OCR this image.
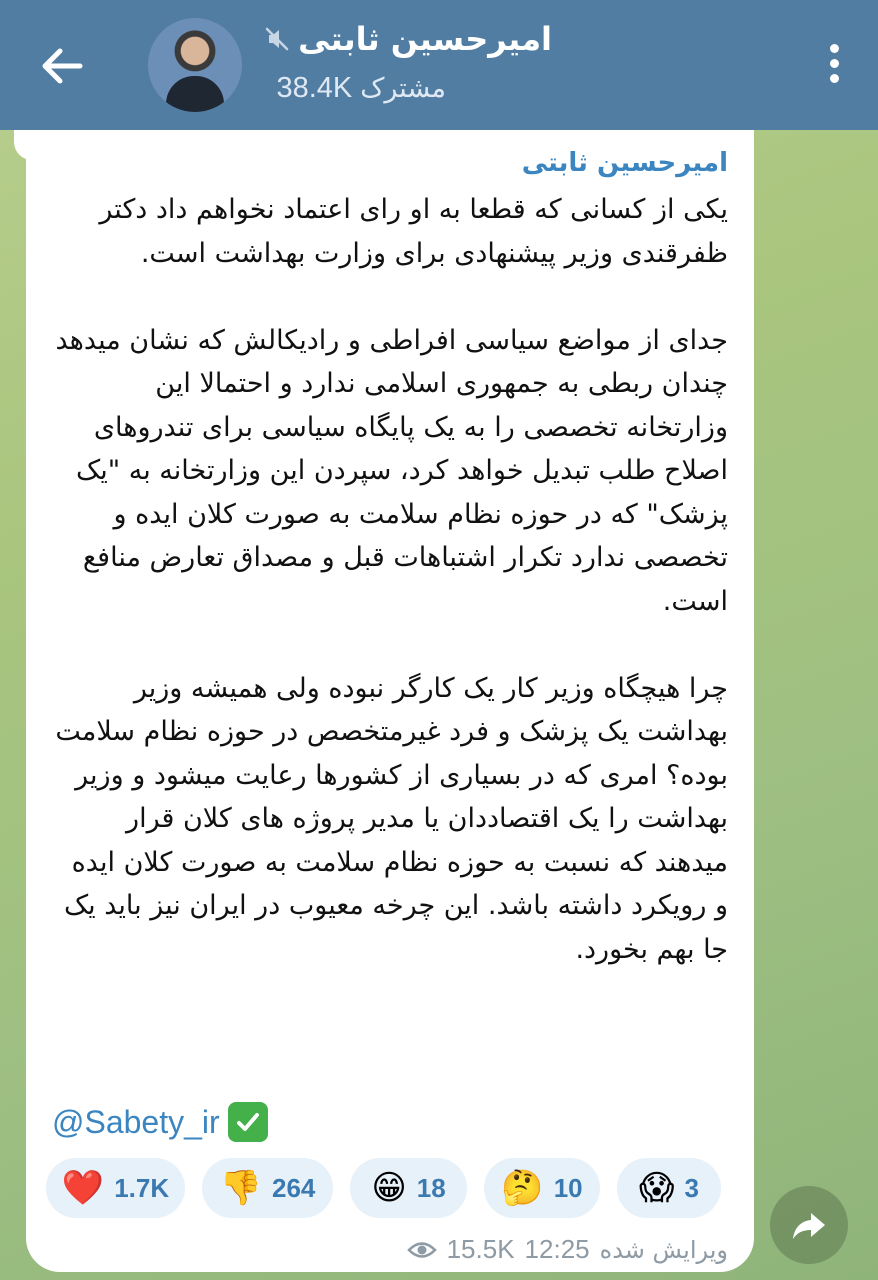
امیرحسین ثابتی
مشترک
38.4K
امیرحسین ثابتی

یکی از کسانی که قطعا به او رای اعتماد نخواهم داد دکتر ظفرقندی وزیر پیشنهادی برای وزارت بهداشت است.

جدای از مواضع سیاسی افراطی و رادیکالش که نشان میدهد چندان ربطی به جمهوری اسلامی ندارد و احتمالا این وزارتخانه تخصصی را به یک پایگاه سیاسی برای تندروهای اصلاح طلب تبدیل خواهد کرد، سپردن این وزارتخانه به "یک پزشک" که در حوزه نظام سلامت به صورت کلان ایده و تخصصی ندارد تکرار اشتباهات قبل و مصداق تعارض منافع است.

چرا هیچگاه وزیر کار یک کارگر نبوده ولی همیشه وزیر بهداشت یک پزشک و فرد غیرمتخصص در حوزه نظام سلامت بوده؟ امری که در بسیاری از کشورها رعایت میشود و وزیر بهداشت را یک اقتصاددان یا مدیر پروژه های کلان قرار میدهند که نسبت به حوزه نظام سلامت به صورت کلان ایده و رویکرد داشته باشد. این چرخه معیوب در ایران نیز باید یک جا بهم بخورد.

@Sabety_ir
❤️ 1.7K 👎 264 😁 18 🤔 10 😱 3
ویرایش شده
12:25
15.5K
